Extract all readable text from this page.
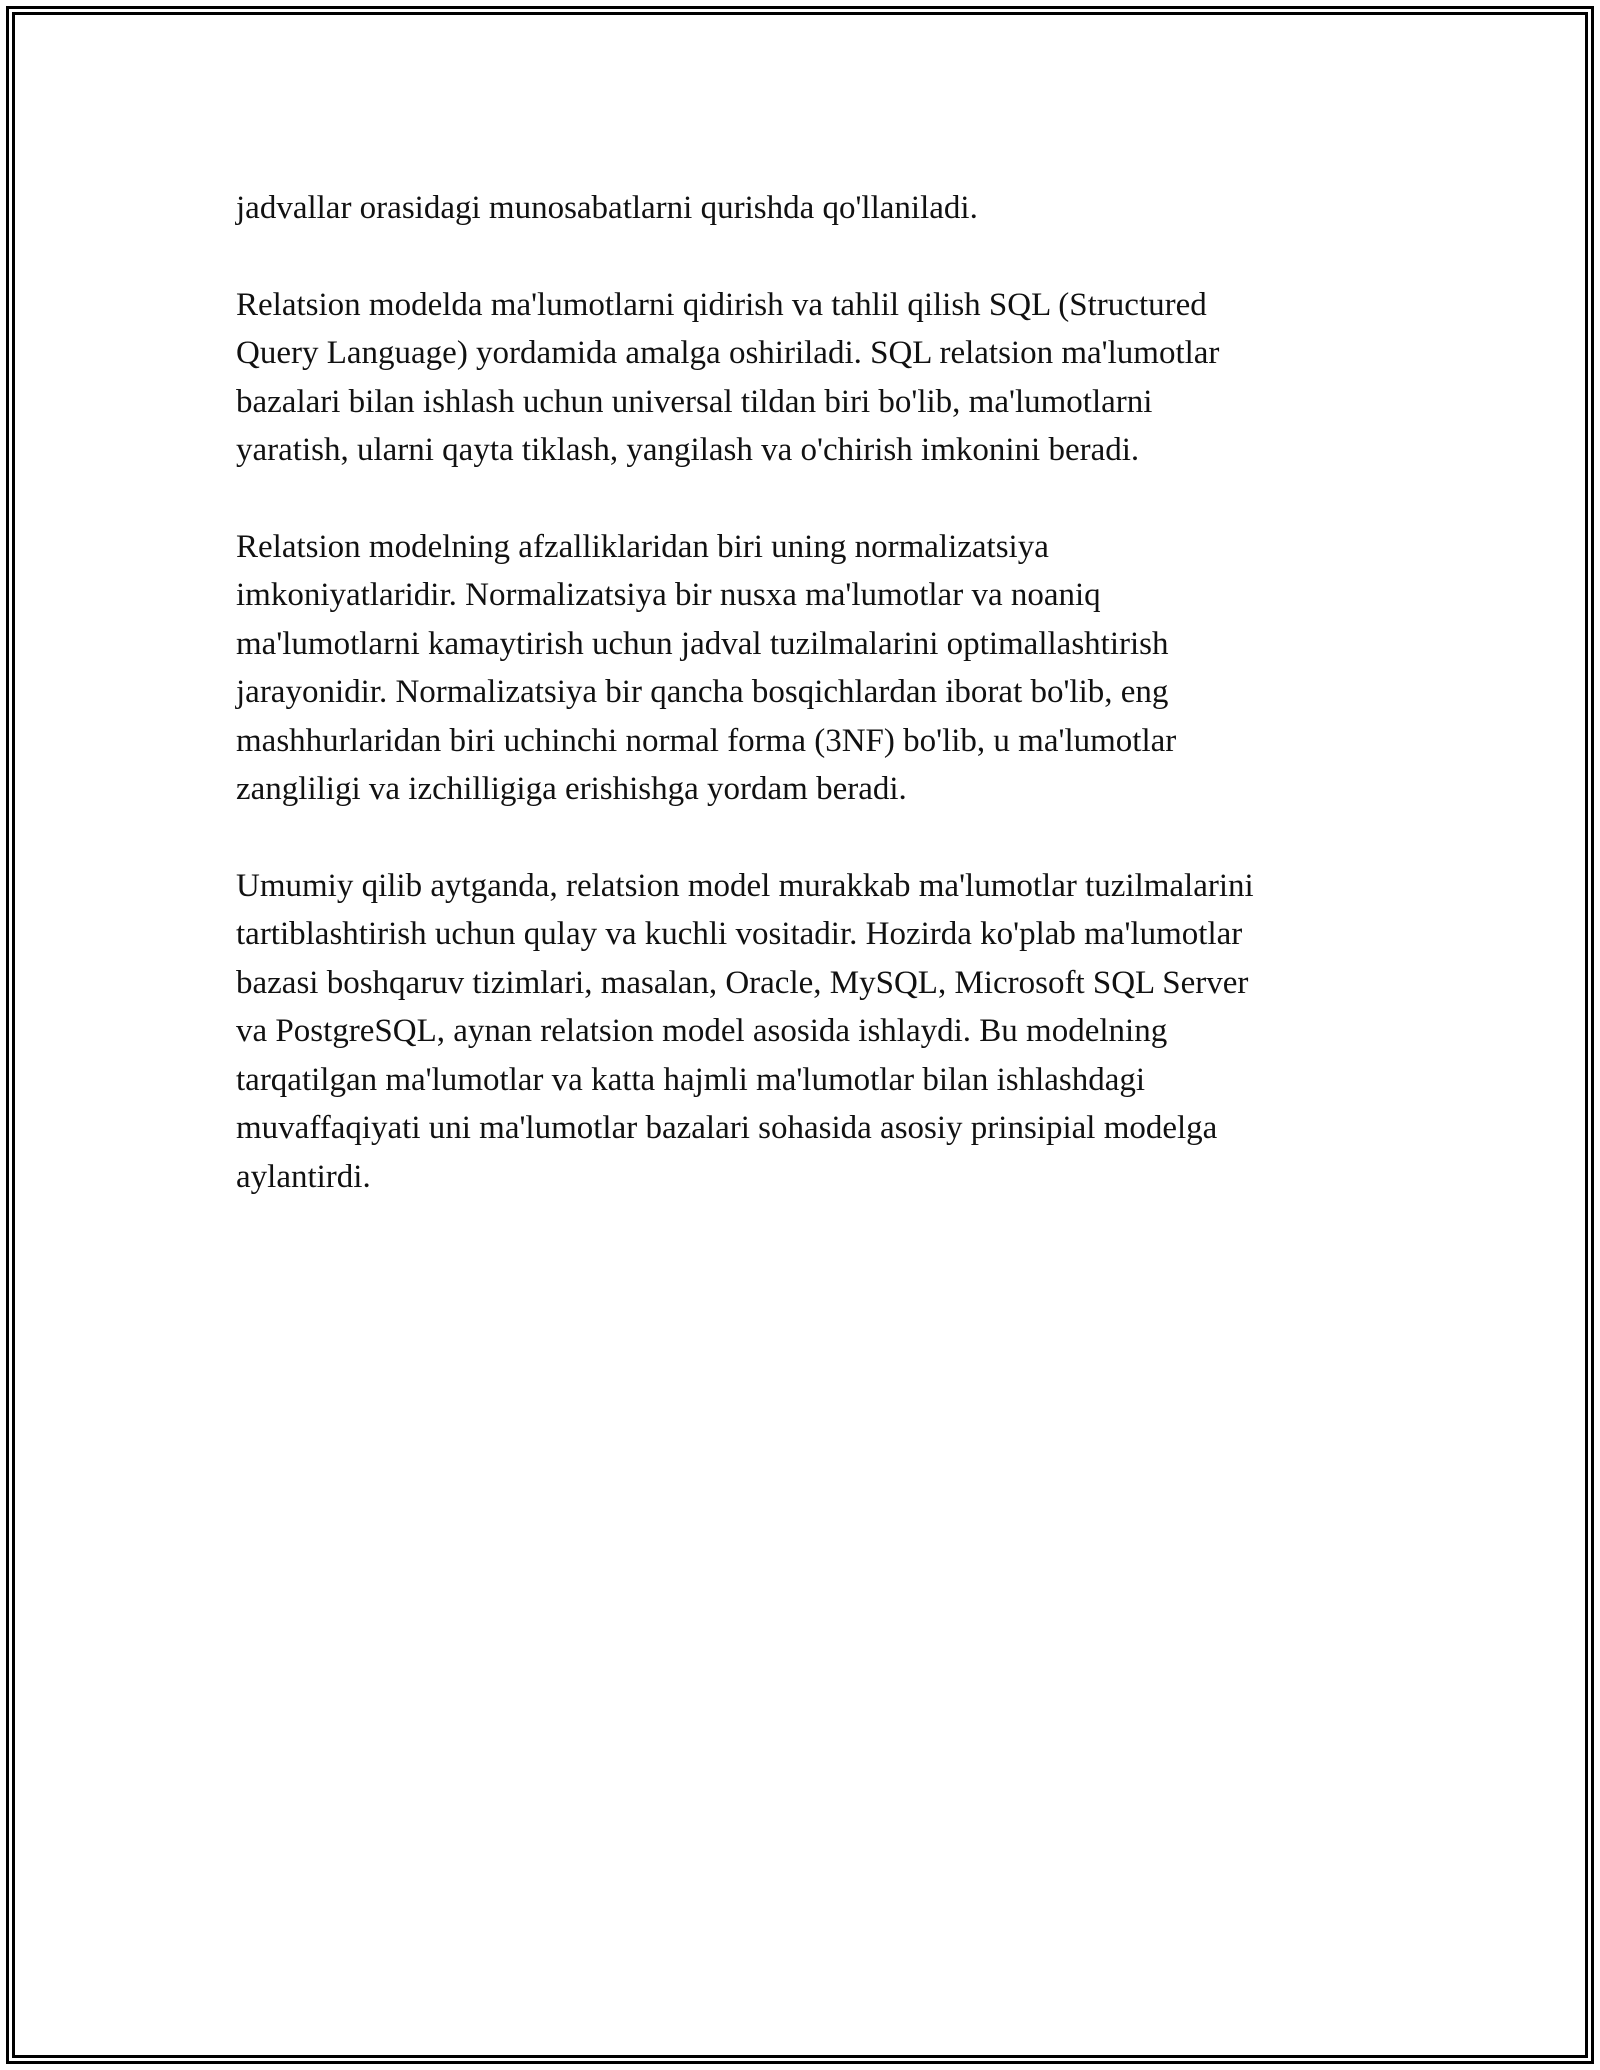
jadvallar orasidagi munosabatlarni qurishda qo'llaniladi.

Relatsion modelda ma'lumotlarni qidirish va tahlil qilish SQL (Structured
Query Language) yordamida amalga oshiriladi. SQL relatsion ma'lumotlar
bazalari bilan ishlash uchun universal tildan biri bo'lib, ma'lumotlarni
yaratish, ularni qayta tiklash, yangilash va o'chirish imkonini beradi.

Relatsion modelning afzalliklaridan biri uning normalizatsiya
imkoniyatlaridir. Normalizatsiya bir nusxa ma'lumotlar va noaniq
ma'lumotlarni kamaytirish uchun jadval tuzilmalarini optimallashtirish
jarayonidir. Normalizatsiya bir qancha bosqichlardan iborat bo'lib, eng
mashhurlaridan biri uchinchi normal forma (3NF) bo'lib, u ma'lumotlar
zangliligi va izchilligiga erishishga yordam beradi.

Umumiy qilib aytganda, relatsion model murakkab ma'lumotlar tuzilmalarini
tartiblashtirish uchun qulay va kuchli vositadir. Hozirda ko'plab ma'lumotlar
bazasi boshqaruv tizimlari, masalan, Oracle, MySQL, Microsoft SQL Server
va PostgreSQL, aynan relatsion model asosida ishlaydi. Bu modelning
tarqatilgan ma'lumotlar va katta hajmli ma'lumotlar bilan ishlashdagi
muvaffaqiyati uni ma'lumotlar bazalari sohasida asosiy prinsipial modelga
aylantirdi.
